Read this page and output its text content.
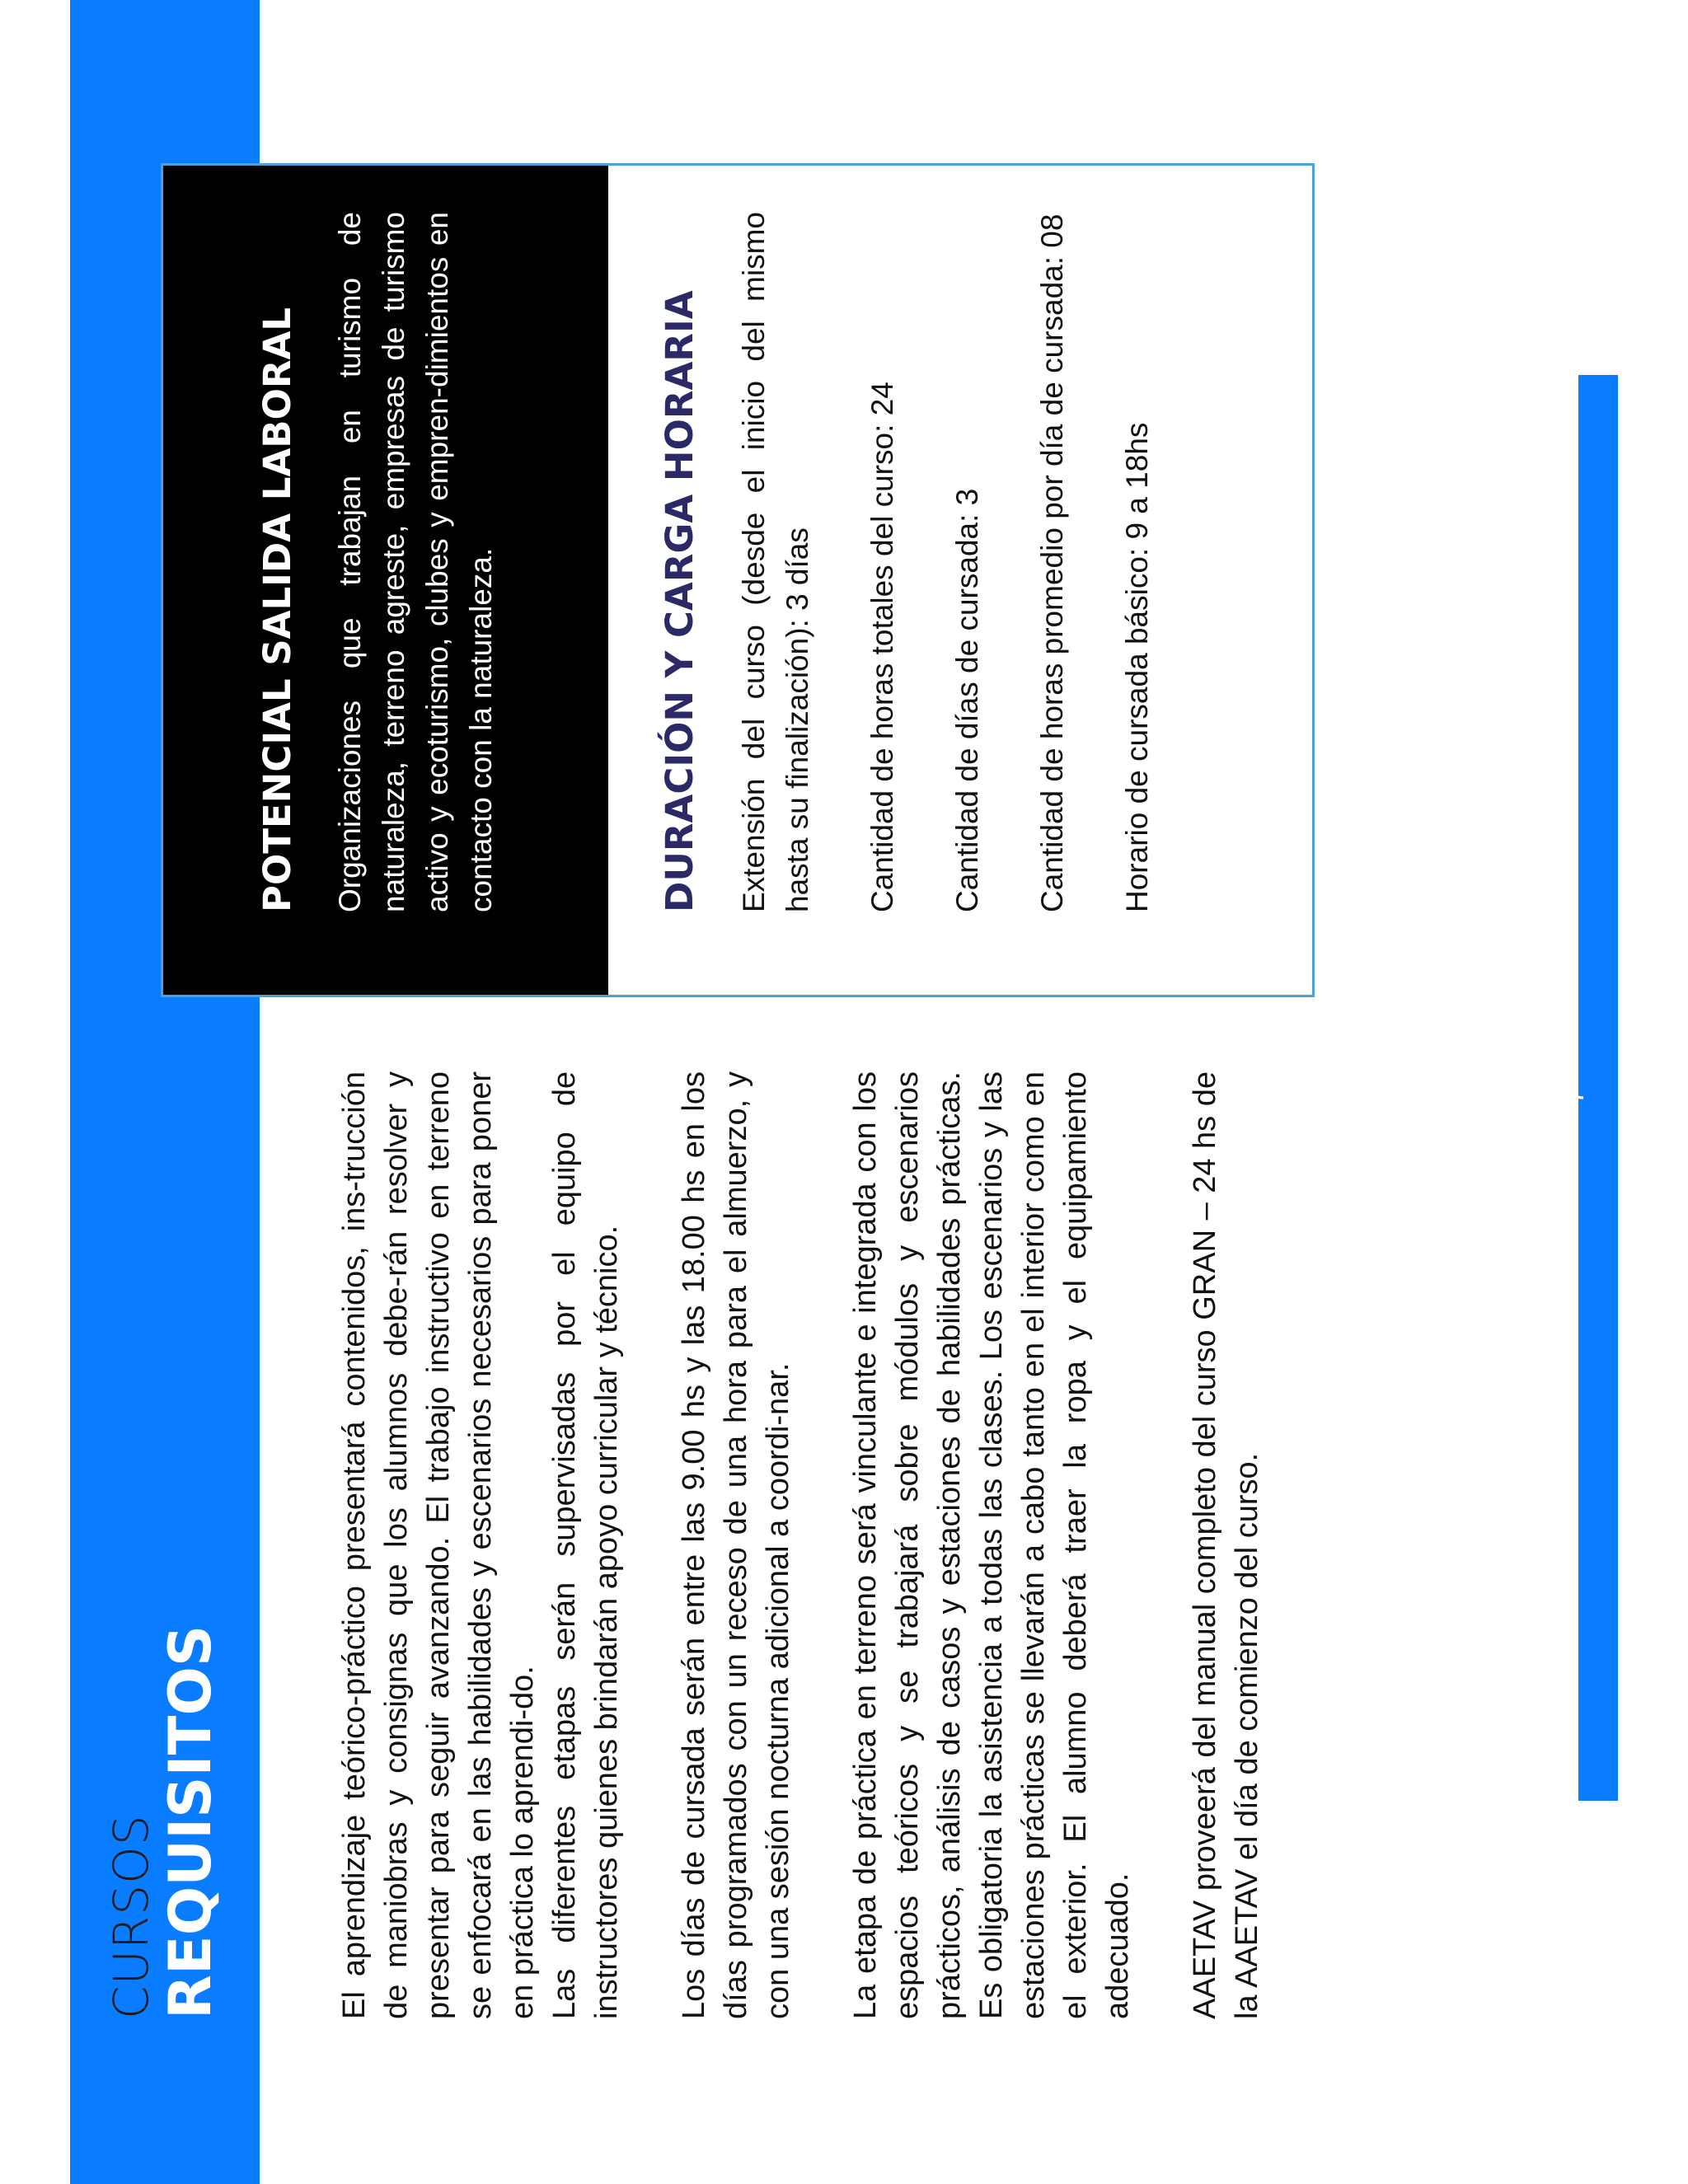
CURSOS
REQUISITOS	El aprendizaje teórico-práctico presentará contenidos, ins-trucción de maniobras y consignas que los alumnos debe-rán resolver y presentar para seguir avanzando. El trabajo instructivo en terreno se enfocará en las habilidades y escenarios necesarios para poner en práctica lo aprendi-do. Las diferentes etapas serán supervisadas por el equipo de instructores quienes brindarán apoyo curricular y técnico. Los días de cursada serán entre las 9.00 hs y las 18.00 hs en los días programados con un receso de una hora para el almuerzo, y con una sesión nocturna adicional a coordi-nar. La etapa de práctica en terreno será vinculante e integrada con los espacios teóricos y se trabajará sobre módulos y escenarios prácticos, análisis de casos y estaciones de habilidades prácticas. Es obligatoria la asistencia a todas las clases. Los escenarios y las estaciones prácticas se llevarán a cabo tanto en el interior como en el exterior. El alumno deberá traer la ropa y el equipamiento adecuado. AAETAV proveerá del manual completo del curso GRAN – 24 hs de la AAETAV el día de comienzo del curso.

POTENCIAL SALIDA LABORAL Organizaciones que trabajan en turismo de naturaleza, terreno agreste, empresas de turismo activo y ecoturismo, clubes y empren-dimientos en contacto con la naturaleza.	DURACIÓN Y CARGA HORARIA Extensión del curso (desde el inicio del mismo hasta su finalización): 3 días Cantidad de horas totales del curso: 24 Cantidad de días de cursada: 3 Cantidad de horas promedio por día de cursada: 08 Horario de cursada básico: 9 a 18hs

-7-
